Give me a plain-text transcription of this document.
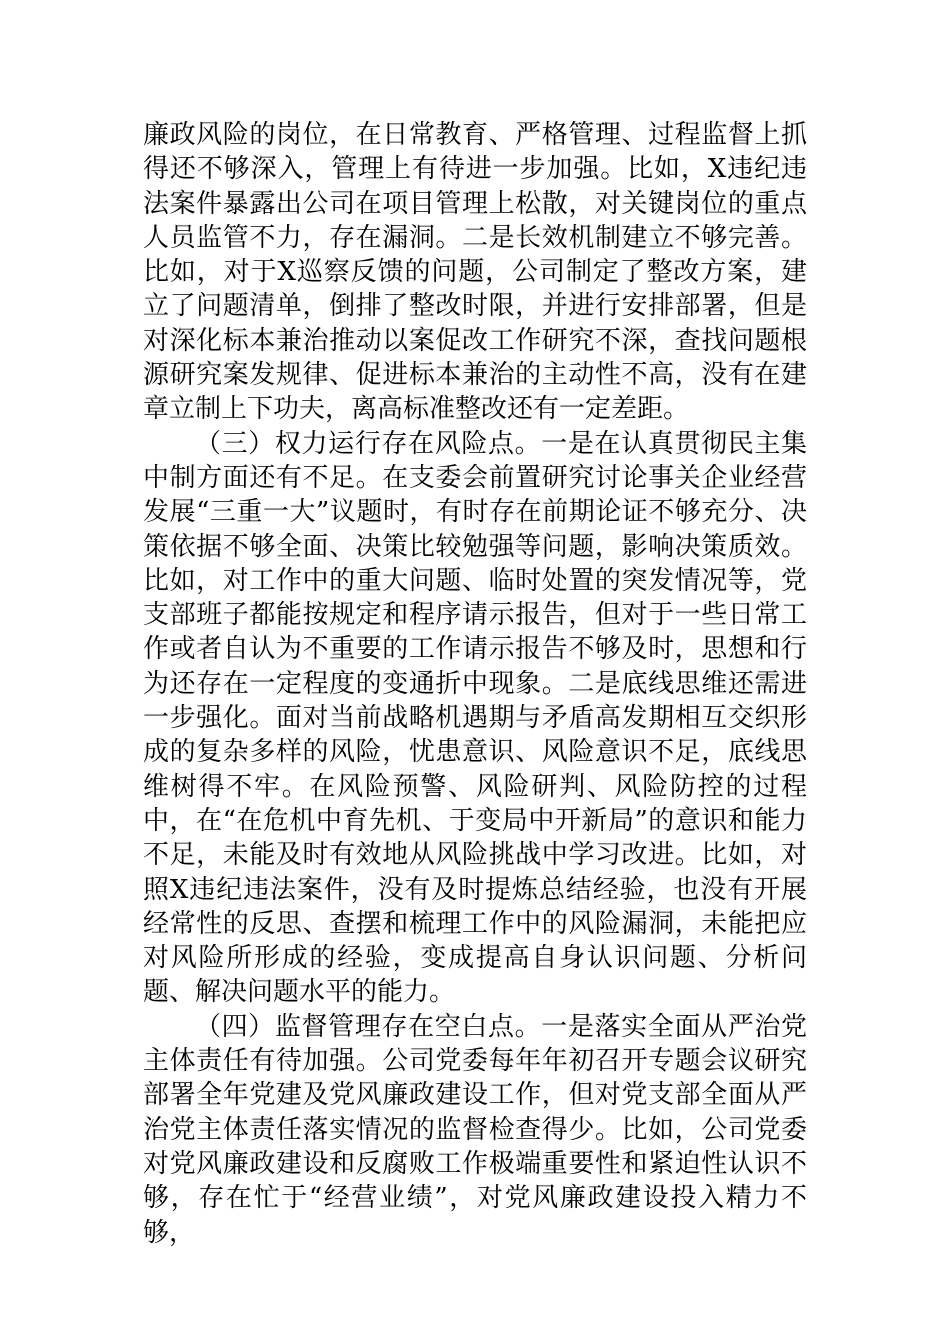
廉政风险的岗位，在日常教育、严格管理、过程监督上抓得还不够深入，管理上有待进一步加强。比如，X违纪违法案件暴露出公司在项目管理上松散，对关键岗位的重点人员监管不力，存在漏洞。二是长效机制建立不够完善。比如，对于X巡察反馈的问题，公司制定了整改方案，建立了问题清单，倒排了整改时限，并进行安排部署，但是对深化标本兼治推动以案促改工作研究不深，查找问题根源研究案发规律、促进标本兼治的主动性不高，没有在建章立制上下功夫，离高标准整改还有一定差距。

（三）权力运行存在风险点。一是在认真贯彻民主集中制方面还有不足。在支委会前置研究讨论事关企业经营发展“三重一大”议题时，有时存在前期论证不够充分、决策依据不够全面、决策比较勉强等问题，影响决策质效。比如，对工作中的重大问题、临时处置的突发情况等，党支部班子都能按规定和程序请示报告，但对于一些日常工作或者自认为不重要的工作请示报告不够及时，思想和行为还存在一定程度的变通折中现象。二是底线思维还需进一步强化。面对当前战略机遇期与矛盾高发期相互交织形成的复杂多样的风险，忧患意识、风险意识不足，底线思维树得不牢。在风险预警、风险研判、风险防控的过程中，在“在危机中育先机、于变局中开新局”的意识和能力不足，未能及时有效地从风险挑战中学习改进。比如，对照X违纪违法案件，没有及时提炼总结经验，也没有开展经常性的反思、查摆和梳理工作中的风险漏洞，未能把应对风险所形成的经验，变成提高自身认识问题、分析问题、解决问题水平的能力。

（四）监督管理存在空白点。一是落实全面从严治党主体责任有待加强。公司党委每年年初召开专题会议研究部署全年党建及党风廉政建设工作，但对党支部全面从严治党主体责任落实情况的监督检查得少。比如，公司党委对党风廉政建设和反腐败工作极端重要性和紧迫性认识不够，存在忙于“经营业绩”，对党风廉政建设投入精力不够，
